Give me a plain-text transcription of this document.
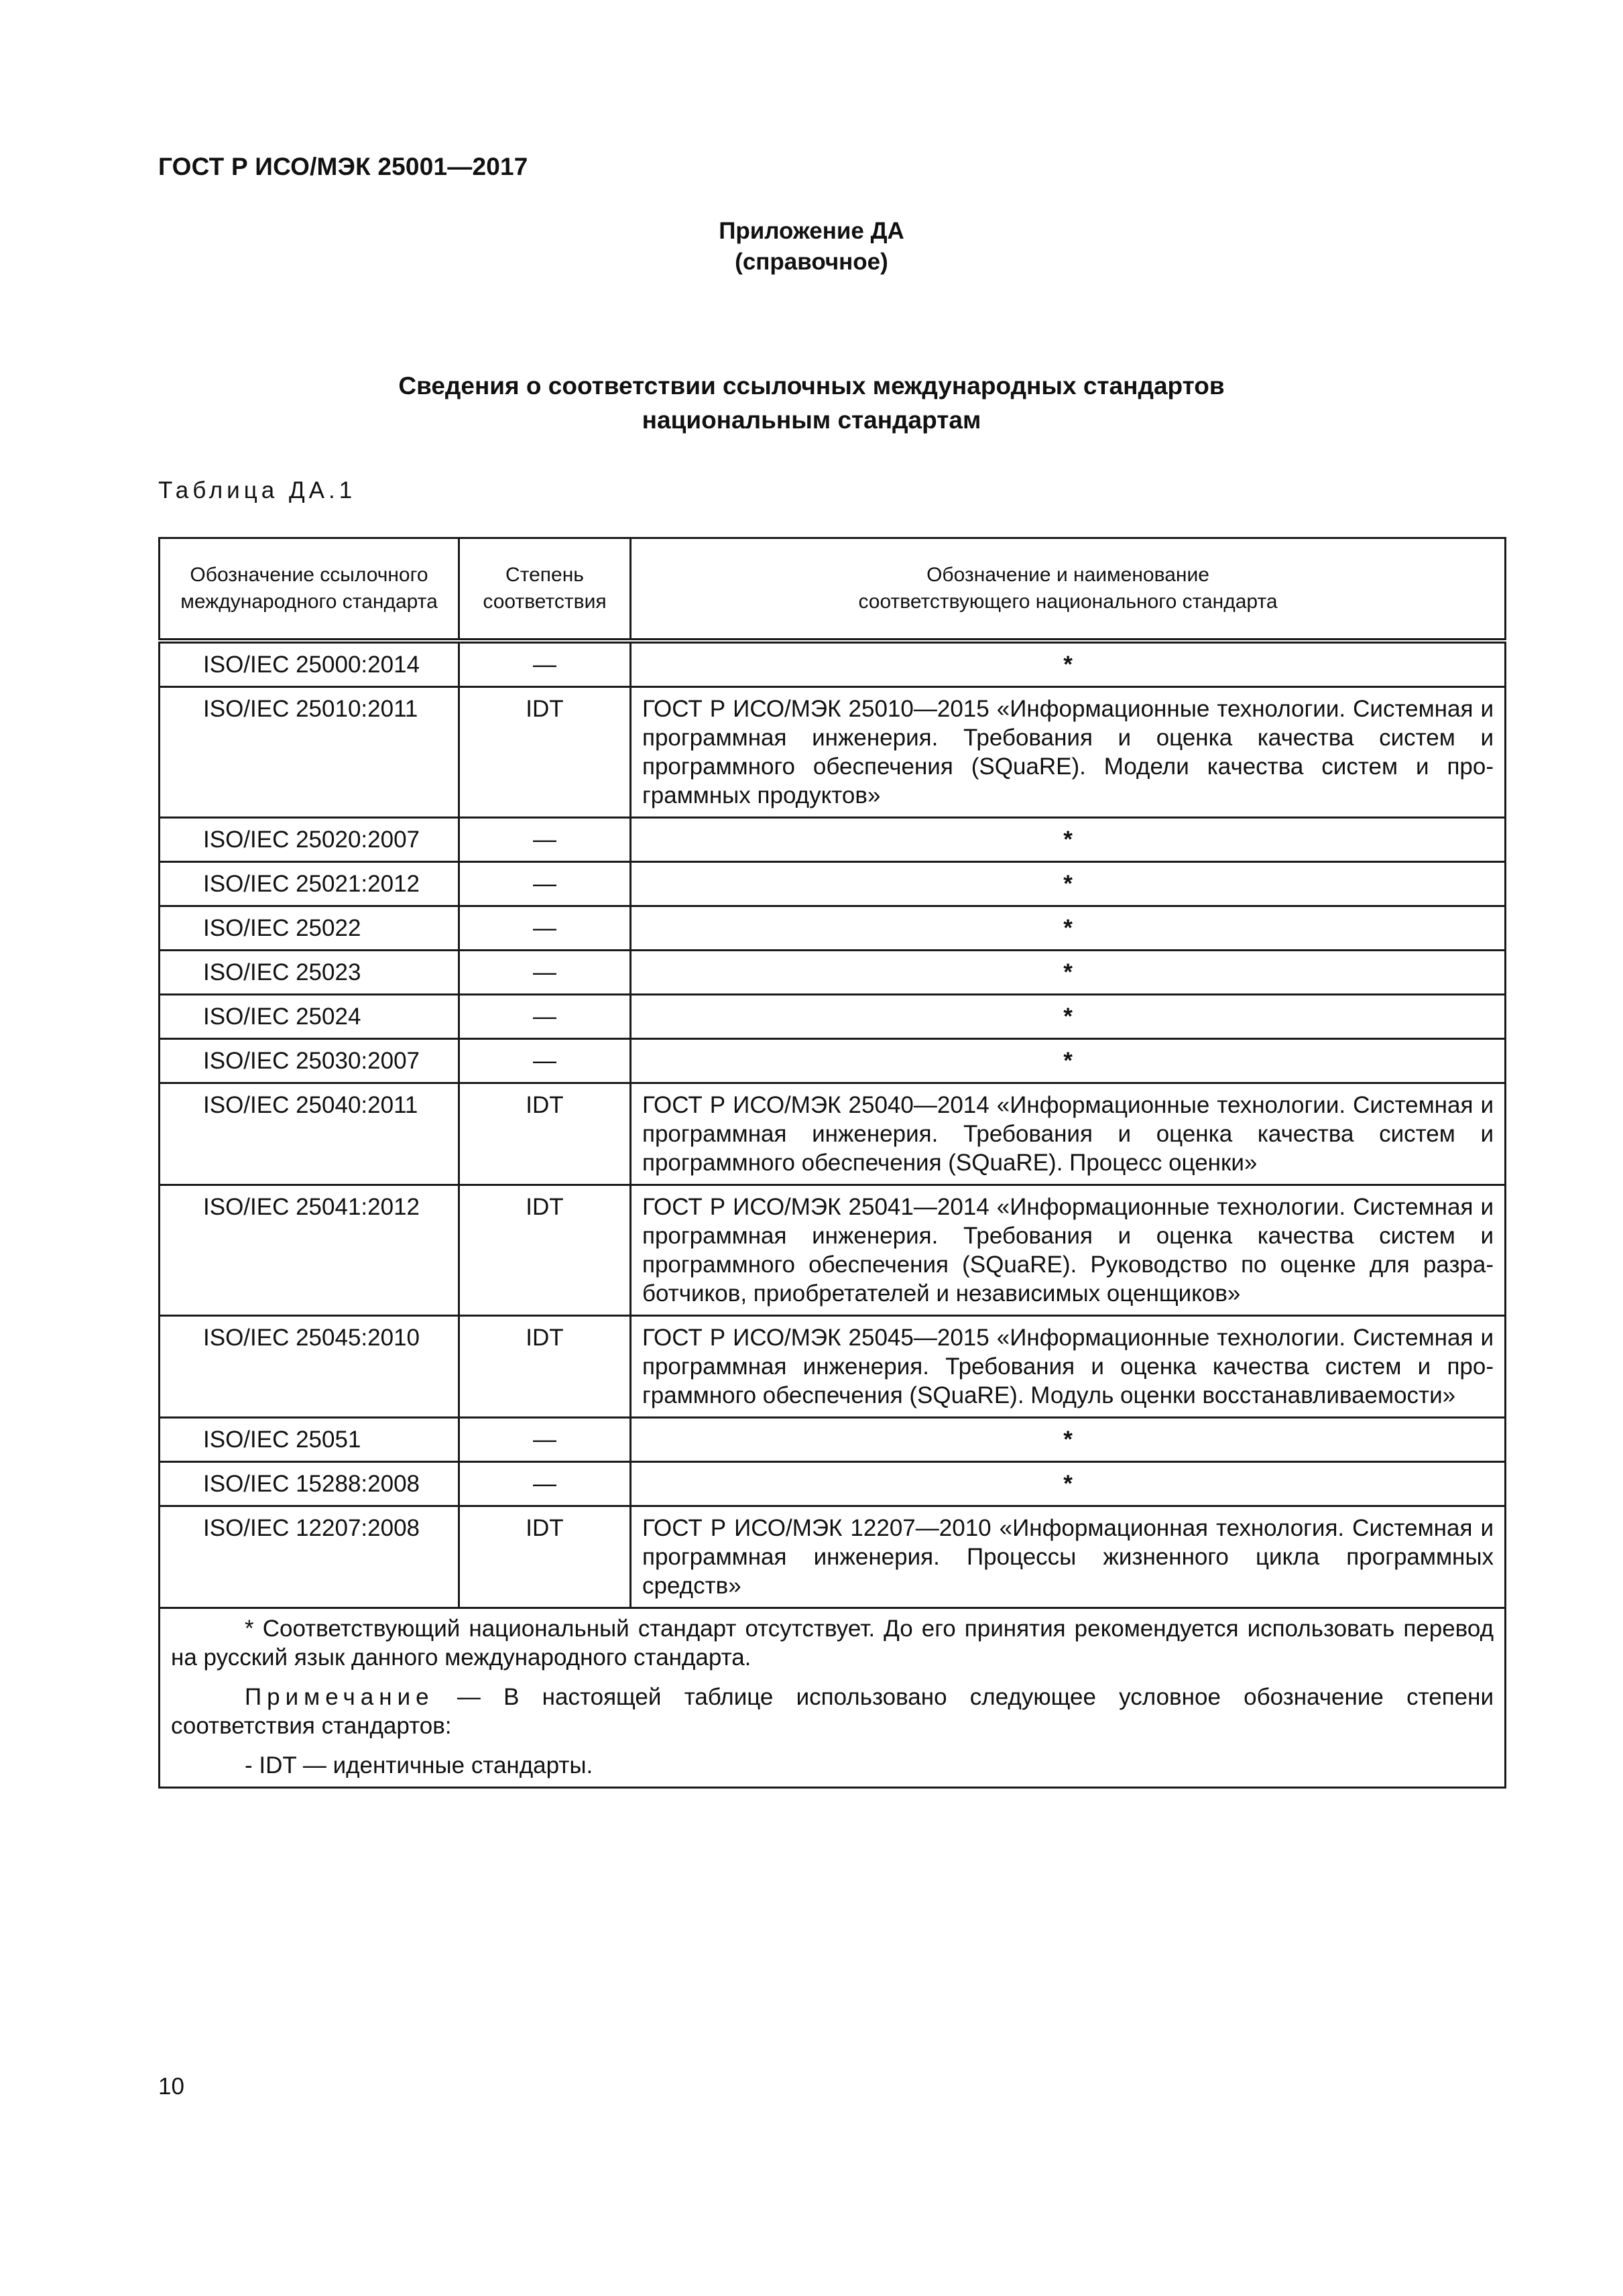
ГОСТ Р ИСО/МЭК 25001—2017
Приложение ДА
(справочное)
Сведения о соответствии ссылочных международных стандартов
национальным стандартам
Таблица ДА.1
Обозначение ссылочного международного стандарта	Степень соответствия	Обозначение и наименование
соответствующего национального стандарта

ISO/IEC 25000:2014	—	*
ISO/IEC 25010:2011	IDT	ГОСТ Р ИСО/МЭК 25010—2015 «Информационные технологии. Системная и программная инженерия. Требования и оценка качества систем и программного обеспечения (SQuaRE). Модели качества систем и программных продуктов»
ISO/IEC 25020:2007	—	*
ISO/IEC 25021:2012	—	*
ISO/IEC 25022	—	*
ISO/IEC 25023	—	*
ISO/IEC 25024	—	*
ISO/IEC 25030:2007	—	*
ISO/IEC 25040:2011	IDT	ГОСТ Р ИСО/МЭК 25040—2014 «Информационные технологии. Системная и программная инженерия. Требования и оценка качества систем и программного обеспечения (SQuaRE). Процесс оценки»
ISO/IEC 25041:2012	IDT	ГОСТ Р ИСО/МЭК 25041—2014 «Информационные технологии. Системная и программная инженерия. Требования и оценка качества систем и программного обеспечения (SQuaRE). Руководство по оценке для разработчиков, приобретателей и независимых оценщиков»
ISO/IEC 25045:2010	IDT	ГОСТ Р ИСО/МЭК 25045—2015 «Информационные технологии. Системная и программная инженерия. Требования и оценка качества систем и программного обеспечения (SQuaRE). Модуль оценки восстанавливаемости»
ISO/IEC 25051	—	*
ISO/IEC 15288:2008	—	*
ISO/IEC 12207:2008	IDT	ГОСТ Р ИСО/МЭК 12207—2010 «Информационная технология. Системная и программная инженерия. Процессы жизненного цикла программных средств»

* Соответствующий национальный стандарт отсутствует. До его принятия рекомендуется использовать перевод на русский язык данного международного стандарта.

Примечание — В настоящей таблице использовано следующее условное обозначение степени соответствия стандартов:

- IDT — идентичные стандарты.		

10
